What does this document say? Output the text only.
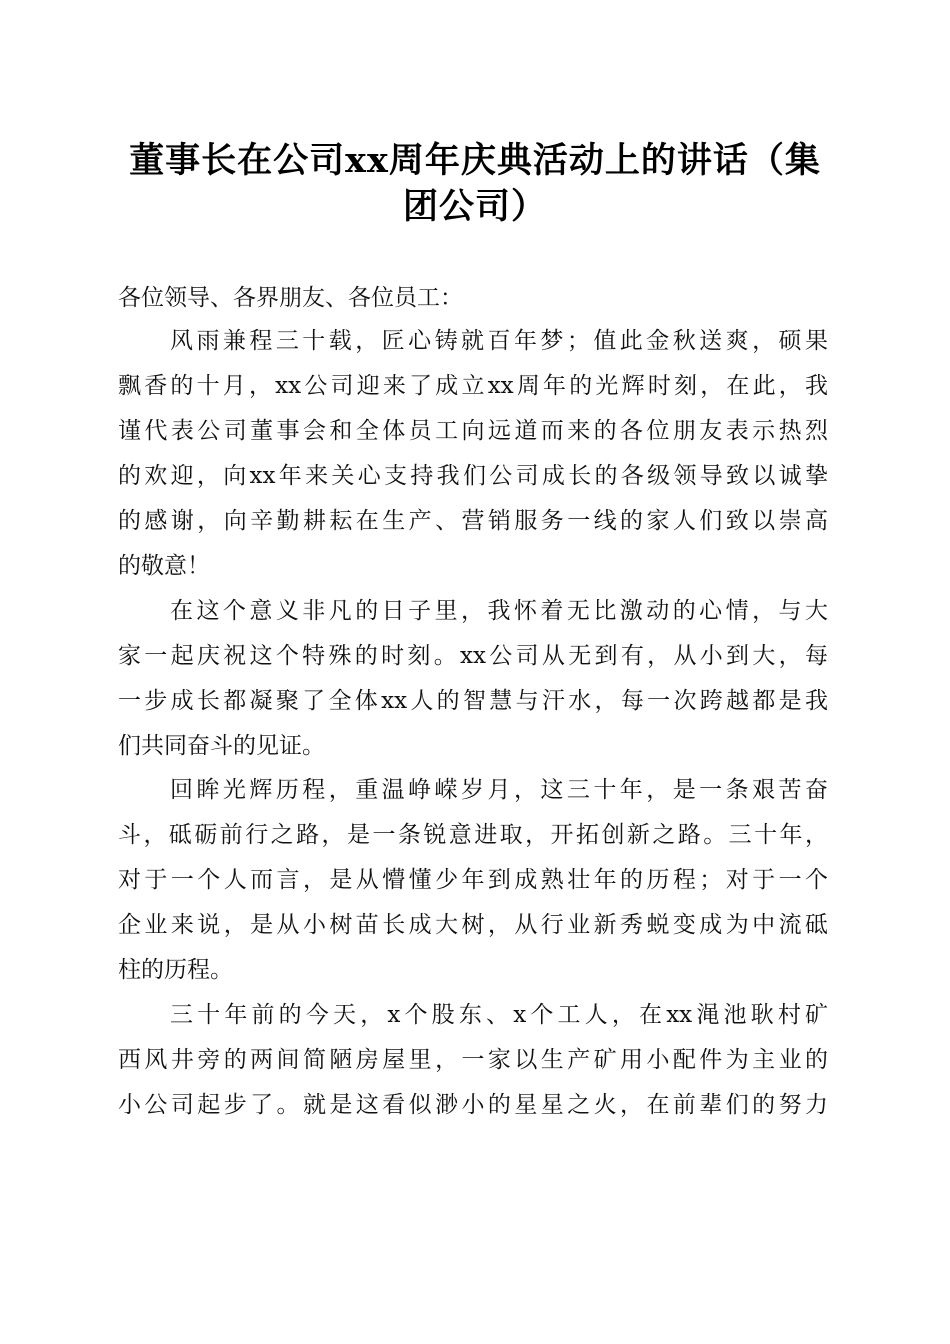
董事长在公司xx周年庆典活动上的讲话（集
团公司）
各位领导、各界朋友、各位员工：
风雨兼程三十载，匠心铸就百年梦；值此金秋送爽，硕果
飘香的十月，xx公司迎来了成立xx周年的光辉时刻，在此，我
谨代表公司董事会和全体员工向远道而来的各位朋友表示热烈
的欢迎，向xx年来关心支持我们公司成长的各级领导致以诚挚
的感谢，向辛勤耕耘在生产、营销服务一线的家人们致以崇高
的敬意！
在这个意义非凡的日子里，我怀着无比激动的心情，与大
家一起庆祝这个特殊的时刻。xx公司从无到有，从小到大，每
一步成长都凝聚了全体xx人的智慧与汗水，每一次跨越都是我
们共同奋斗的见证。
回眸光辉历程，重温峥嵘岁月，这三十年，是一条艰苦奋
斗，砥砺前行之路，是一条锐意进取，开拓创新之路。三十年，
对于一个人而言，是从懵懂少年到成熟壮年的历程；对于一个
企业来说，是从小树苗长成大树，从行业新秀蜕变成为中流砥
柱的历程。
三十年前的今天，x个股东、x个工人，在xx渑池耿村矿
西风井旁的两间简陋房屋里，一家以生产矿用小配件为主业的
小公司起步了。就是这看似渺小的星星之火，在前辈们的努力
